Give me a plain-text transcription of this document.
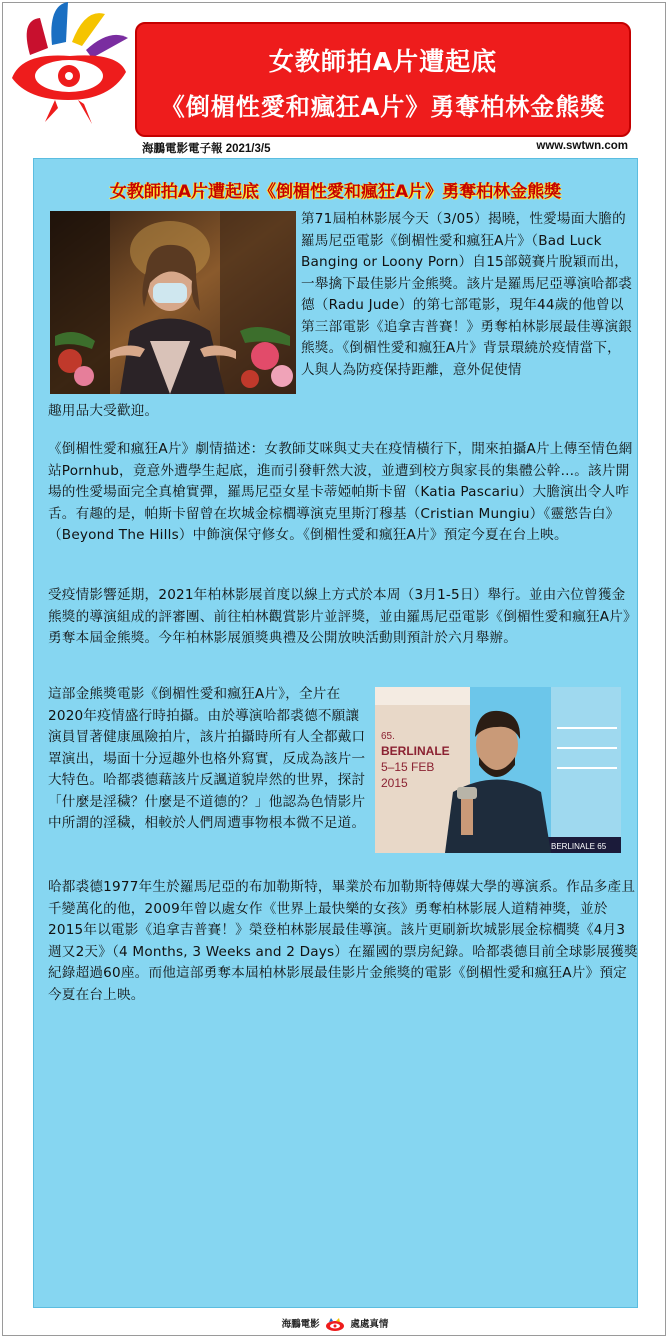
女教師拍A片遭起底
《倒楣性愛和瘋狂A片》勇奪柏林金熊獎
海鵬電影電子報 2021/3/5	www.swtwn.com
女教師拍A片遭起底《倒楣性愛和瘋狂A片》勇奪柏林金熊獎
第71屆柏林影展今天（3/05）揭曉，性愛場面大膽的羅馬尼亞電影《倒楣性愛和瘋狂A片》（Bad Luck Banging or Loony Porn）自15部競賽片脫穎而出，一舉擒下最佳影片金熊獎。該片是羅馬尼亞導演哈都裘德（Radu Jude）的第七部電影，現年44歲的他曾以第三部電影《追拿吉普賽！》勇奪柏林影展最佳導演銀熊獎。《倒楣性愛和瘋狂A片》背景環繞於疫情當下，人與人為防疫保持距離，意外促使情
趣用品大受歡迎。
《倒楣性愛和瘋狂A片》劇情描述：女教師艾咪與丈夫在疫情橫行下，閒來拍攝A片上傳至情色網站Pornhub，竟意外遭學生起底，進而引發軒然大波，並遭到校方與家長的集體公幹…。該片開場的性愛場面完全真槍實彈，羅馬尼亞女星卡蒂婭帕斯卡留（Katia Pascariu）大膽演出令人咋舌。有趣的是，帕斯卡留曾在坎城金棕櫚導演克里斯汀穆基（Cristian Mungiu）《靈慾告白》（Beyond The Hills）中飾演保守修女。《倒楣性愛和瘋狂A片》預定今夏在台上映。
受疫情影響延期，2021年柏林影展首度以線上方式於本周（3月1-5日）舉行。並由六位曾獲金熊獎的導演組成的評審團、前往柏林觀賞影片並評獎，並由羅馬尼亞電影《倒楣性愛和瘋狂A片》勇奪本屆金熊獎。今年柏林影展頒獎典禮及公開放映活動則預計於六月舉辦。
這部金熊獎電影《倒楣性愛和瘋狂A片》，全片在2020年疫情盛行時拍攝。由於導演哈都裘德不願讓演員冒著健康風險拍片，該片拍攝時所有人全都戴口罩演出，場面十分逗趣外也格外寫實，反成為該片一大特色。哈都裘德藉該片反諷道貌岸然的世界，探討「什麼是淫穢？什麼是不道德的？」他認為色情影片中所謂的淫穢，相較於人們周遭事物根本微不足道。
65.
BERLINALE
5–15 FEB
2015
BERLINALE 65
哈都裘德1977年生於羅馬尼亞的布加勒斯特，畢業於布加勒斯特傳媒大學的導演系。作品多產且千變萬化的他，2009年曾以處女作《世界上最快樂的女孩》勇奪柏林影展人道精神獎，並於2015年以電影《追拿吉普賽！》榮登柏林影展最佳導演。該片更刷新坎城影展金棕櫚獎《4月3週又2天》（4 Months, 3 Weeks and 2 Days）在羅國的票房紀錄。哈都裘德目前全球影展獲獎紀錄超過60座。而他這部勇奪本屆柏林影展最佳影片金熊獎的電影《倒楣性愛和瘋狂A片》預定今夏在台上映。
海鵬電影	處處真情
